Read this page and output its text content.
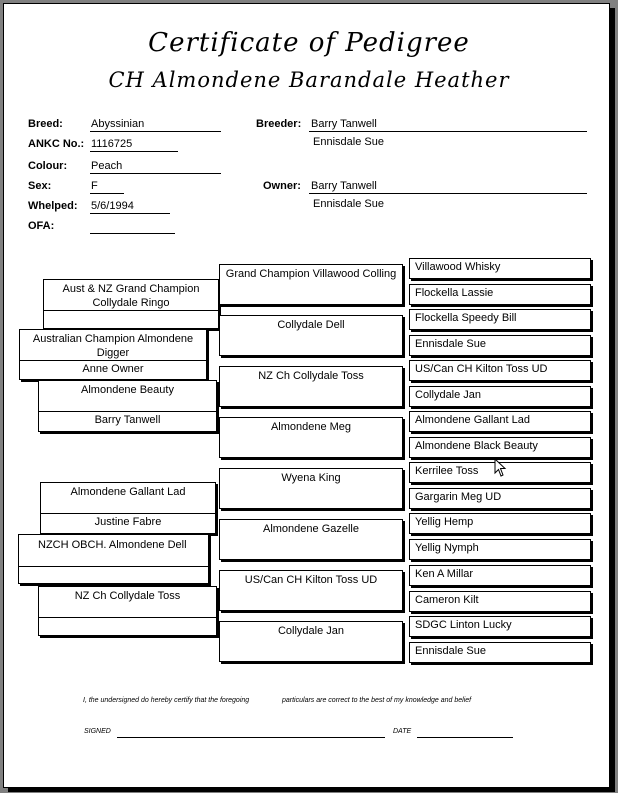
Certificate of Pedigree
CH Almondene Barandale Heather
Breed:	Abyssinian
ANKC No.: 1116725
Colour: Peach
Sex:	F
Whelped: 5/6/1994
OFA:
Breeder: Barry Tanwell
Ennisdale Sue
Owner: Barry Tanwell
Ennisdale Sue
Aust & NZ Grand Champion Collydale Ringo
Australian Champion Almondene Digger
Anne Owner
Almondene Beauty
Barry Tanwell
Almondene Gallant Lad
Justine Fabre
NZCH OBCH. Almondene Dell
NZ Ch Collydale Toss
Grand Champion Villawood Colling
Collydale Dell
NZ Ch Collydale Toss
Almondene Meg
Wyena King
Almondene Gazelle
US/Can CH Kilton Toss UD
Collydale Jan
Villawood Whisky
Flockella Lassie
Flockella Speedy Bill
Ennisdale Sue
US/Can CH Kilton Toss UD
Collydale Jan
Almondene Gallant Lad
Almondene Black Beauty
Kerrilee Toss
Gargarin Meg UD
Yellig Hemp
Yellig Nymph
Ken A Millar
Cameron Kilt
SDGC Linton Lucky
Ennisdale Sue
I, the undersigned do hereby certify that the foregoing	particulars are correct to the best of my knowledge and belief
SIGNED	DATE
